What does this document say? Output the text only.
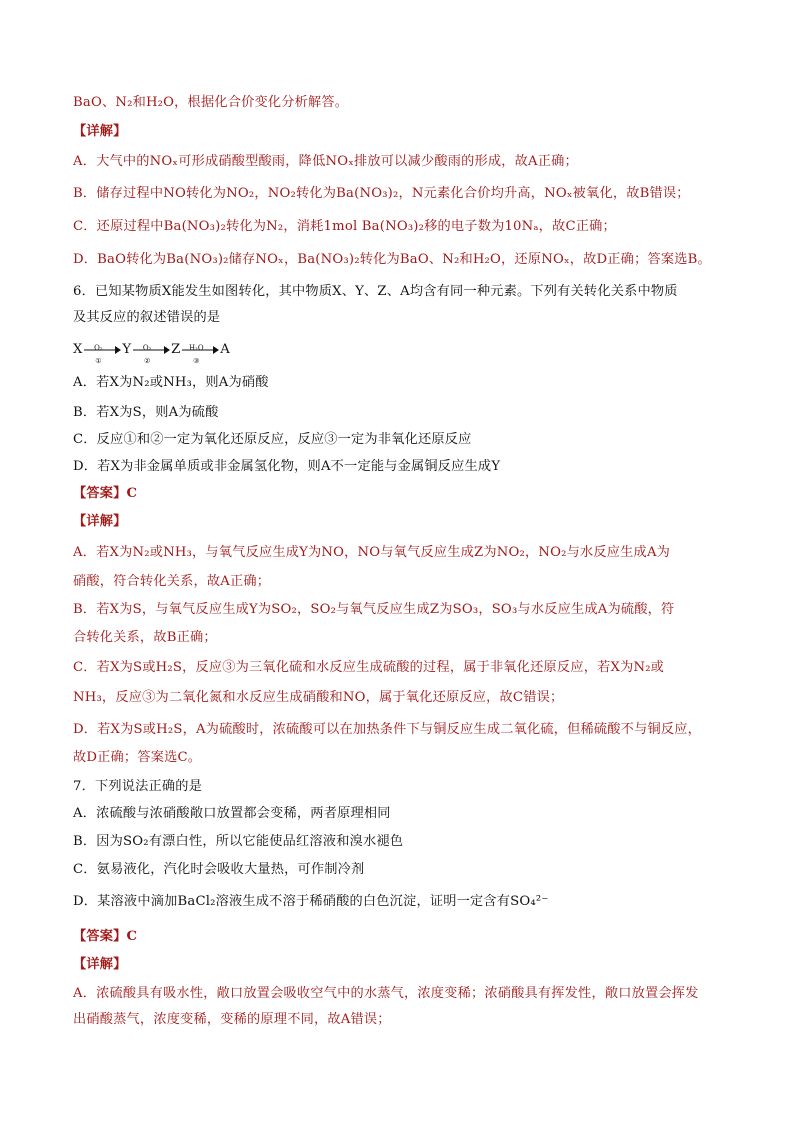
BaO、N₂和H₂O，根据化合价变化分析解答。
【详解】
A．大气中的NOₓ可形成硝酸型酸雨，降低NOₓ排放可以减少酸雨的形成，故A正确；
B．储存过程中NO转化为NO₂，NO₂转化为Ba(NO₃)₂，N元素化合价均升高，NOₓ被氧化，故B错误；
C．还原过程中Ba(NO₃)₂转化为N₂，消耗1mol Ba(NO₃)₂移的电子数为10Nₐ，故C正确；
D．BaO转化为Ba(NO₃)₂储存NOₓ，Ba(NO₃)₂转化为BaO、N₂和H₂O，还原NOₓ，故D正确；答案选B。
6．已知某物质X能发生如图转化，其中物质X、Y、Z、A均含有同一种元素。下列有关转化关系中物质
及其反应的叙述错误的是
X	O₂
①
Y	O₂
②
Z	H₂O
③
A
A．若X为N₂或NH₃，则A为硝酸
B．若X为S，则A为硫酸
C．反应①和②一定为氧化还原反应，反应③一定为非氧化还原反应
D．若X为非金属单质或非金属氢化物，则A不一定能与金属铜反应生成Y
【答案】C
【详解】
A．若X为N₂或NH₃，与氧气反应生成Y为NO，NO与氧气反应生成Z为NO₂，NO₂与水反应生成A为
硝酸，符合转化关系，故A正确；
B．若X为S，与氧气反应生成Y为SO₂，SO₂与氧气反应生成Z为SO₃，SO₃与水反应生成A为硫酸，符
合转化关系，故B正确；
C．若X为S或H₂S，反应③为三氧化硫和水反应生成硫酸的过程，属于非氧化还原反应，若X为N₂或
NH₃，反应③为二氧化氮和水反应生成硝酸和NO，属于氧化还原反应，故C错误；
D．若X为S或H₂S，A为硫酸时，浓硫酸可以在加热条件下与铜反应生成二氧化硫，但稀硫酸不与铜反应，
故D正确；答案选C。
7．下列说法正确的是
A．浓硫酸与浓硝酸敞口放置都会变稀，两者原理相同
B．因为SO₂有漂白性，所以它能使品红溶液和溴水褪色
C．氨易液化，汽化时会吸收大量热，可作制冷剂
D．某溶液中滴加BaCl₂溶液生成不溶于稀硝酸的白色沉淀，证明一定含有SO₄²⁻
【答案】C
【详解】
A．浓硫酸具有吸水性，敞口放置会吸收空气中的水蒸气，浓度变稀；浓硝酸具有挥发性，敞口放置会挥发
出硝酸蒸气，浓度变稀，变稀的原理不同，故A错误；
